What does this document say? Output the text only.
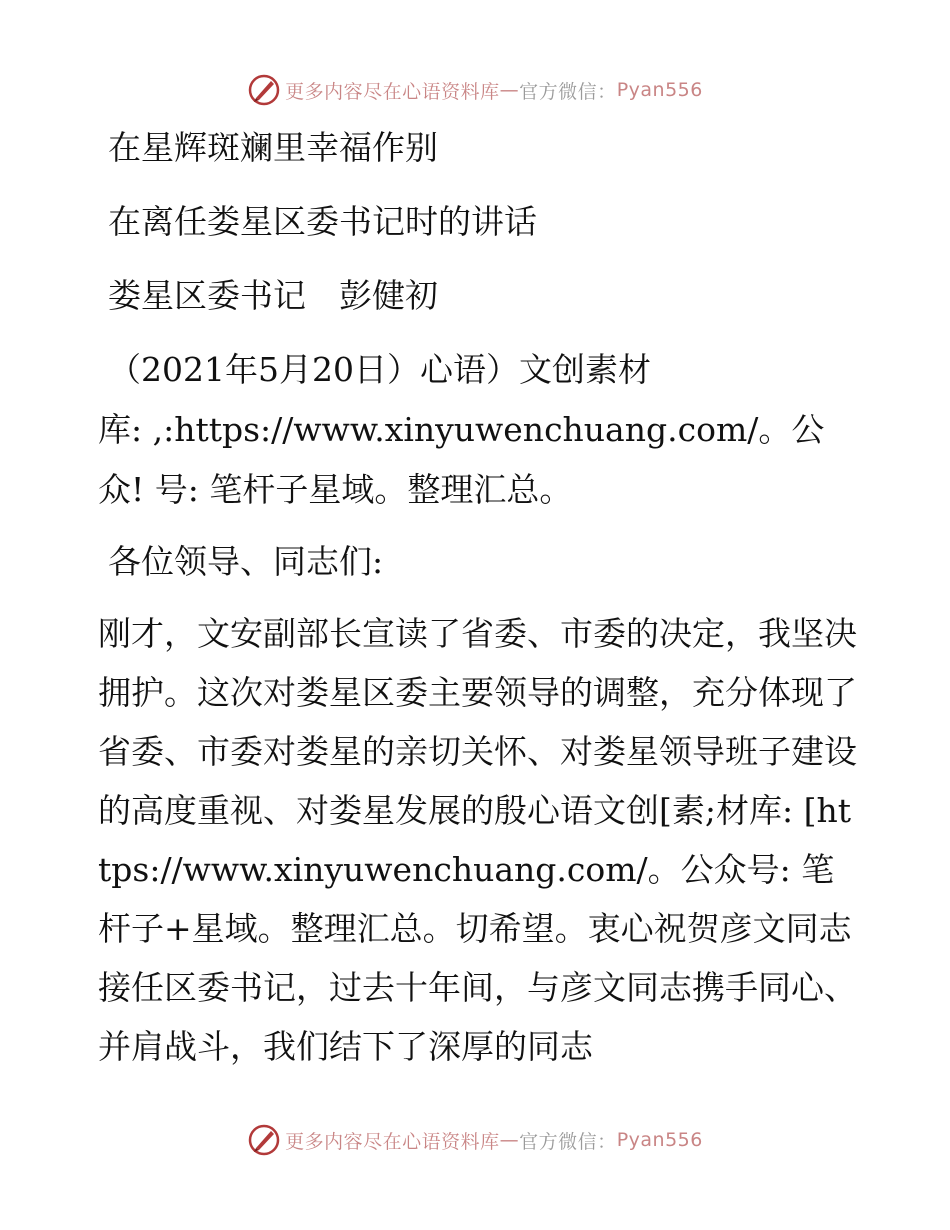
更多内容尽在心语资料库 — 官方微信： Pyan556

在星辉斑斓里幸福作别

在离任娄星区委书记时的讲话

娄星区委书记　彭健初

（2021年5月20日）心语）文创素材

库: ,:https://www.xinyuwenchuang.com/。公众! 号: 笔杆子星域。整理汇总。

各位领导、同志们:

刚才，文安副部长宣读了省委、市委的决定，我坚决拥护。这次对娄星区委主要领导的调整，充分体现了省委、市委对娄星的亲切关怀、对娄星领导班子建设的高度重视、对娄星发展的殷心语文创[素;材库: [https://www.xinyuwenchuang.com/。公众号: 笔杆子+星域。整理汇总。切希望。衷心祝贺彦文同志接任区委书记，过去十年间，与彦文同志携手同心、并肩战斗，我们结下了深厚的同志

更多内容尽在心语资料库 — 官方微信： Pyan556
